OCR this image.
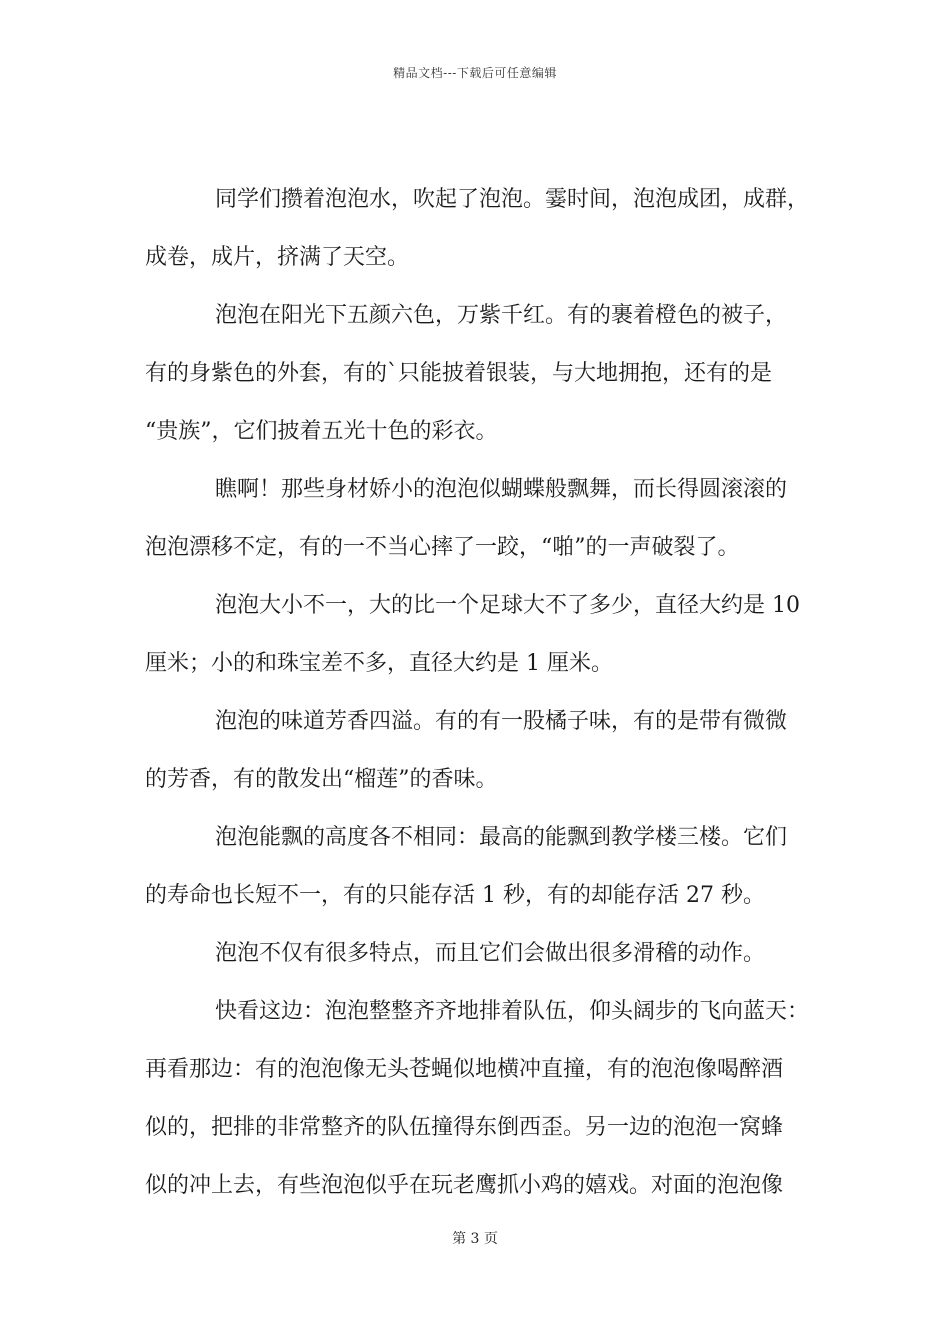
精品文档---下载后可任意编辑
同学们攒着泡泡水，吹起了泡泡。霎时间，泡泡成团，成群，
成卷，成片，挤满了天空。
泡泡在阳光下五颜六色，万紫千红。有的裹着橙色的被子，
有的身紫色的外套，有的`只能披着银装，与大地拥抱，还有的是
“贵族”，它们披着五光十色的彩衣。
瞧啊！那些身材娇小的泡泡似蝴蝶般飘舞，而长得圆滚滚的
泡泡漂移不定，有的一不当心摔了一跤，“啪”的一声破裂了。
泡泡大小不一，大的比一个足球大不了多少，直径大约是 10
厘米；小的和珠宝差不多，直径大约是 1 厘米。
泡泡的味道芳香四溢。有的有一股橘子味，有的是带有微微
的芳香，有的散发出“榴莲”的香味。
泡泡能飘的高度各不相同：最高的能飘到教学楼三楼。它们
的寿命也长短不一，有的只能存活 1 秒，有的却能存活 27 秒。
泡泡不仅有很多特点，而且它们会做出很多滑稽的动作。
快看这边：泡泡整整齐齐地排着队伍，仰头阔步的飞向蓝天：
再看那边：有的泡泡像无头苍蝇似地横冲直撞，有的泡泡像喝醉酒
似的，把排的非常整齐的队伍撞得东倒西歪。另一边的泡泡一窝蜂
似的冲上去，有些泡泡似乎在玩老鹰抓小鸡的嬉戏。对面的泡泡像
第 3 页
